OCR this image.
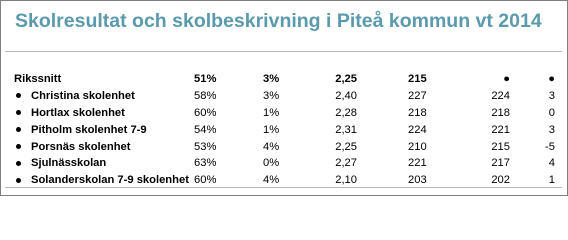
Skolresultat och skolbeskrivning i Piteå kommun vt 2014
Rikssnitt	51%	3%	2,25	215	●	●
Christina skolenhet	58%	3%	2,40	227	224	3
Hortlax skolenhet	60%	1%	2,28	218	218	0
Pitholm skolenhet 7-9	54%	1%	2,31	224	221	3
Porsnäs skolenhet	53%	4%	2,25	210	215	-5
Sjulnässkolan	63%	0%	2,27	221	217	4
Solanderskolan 7-9 skolenhet 60%	4%	2,10	203	202	1
